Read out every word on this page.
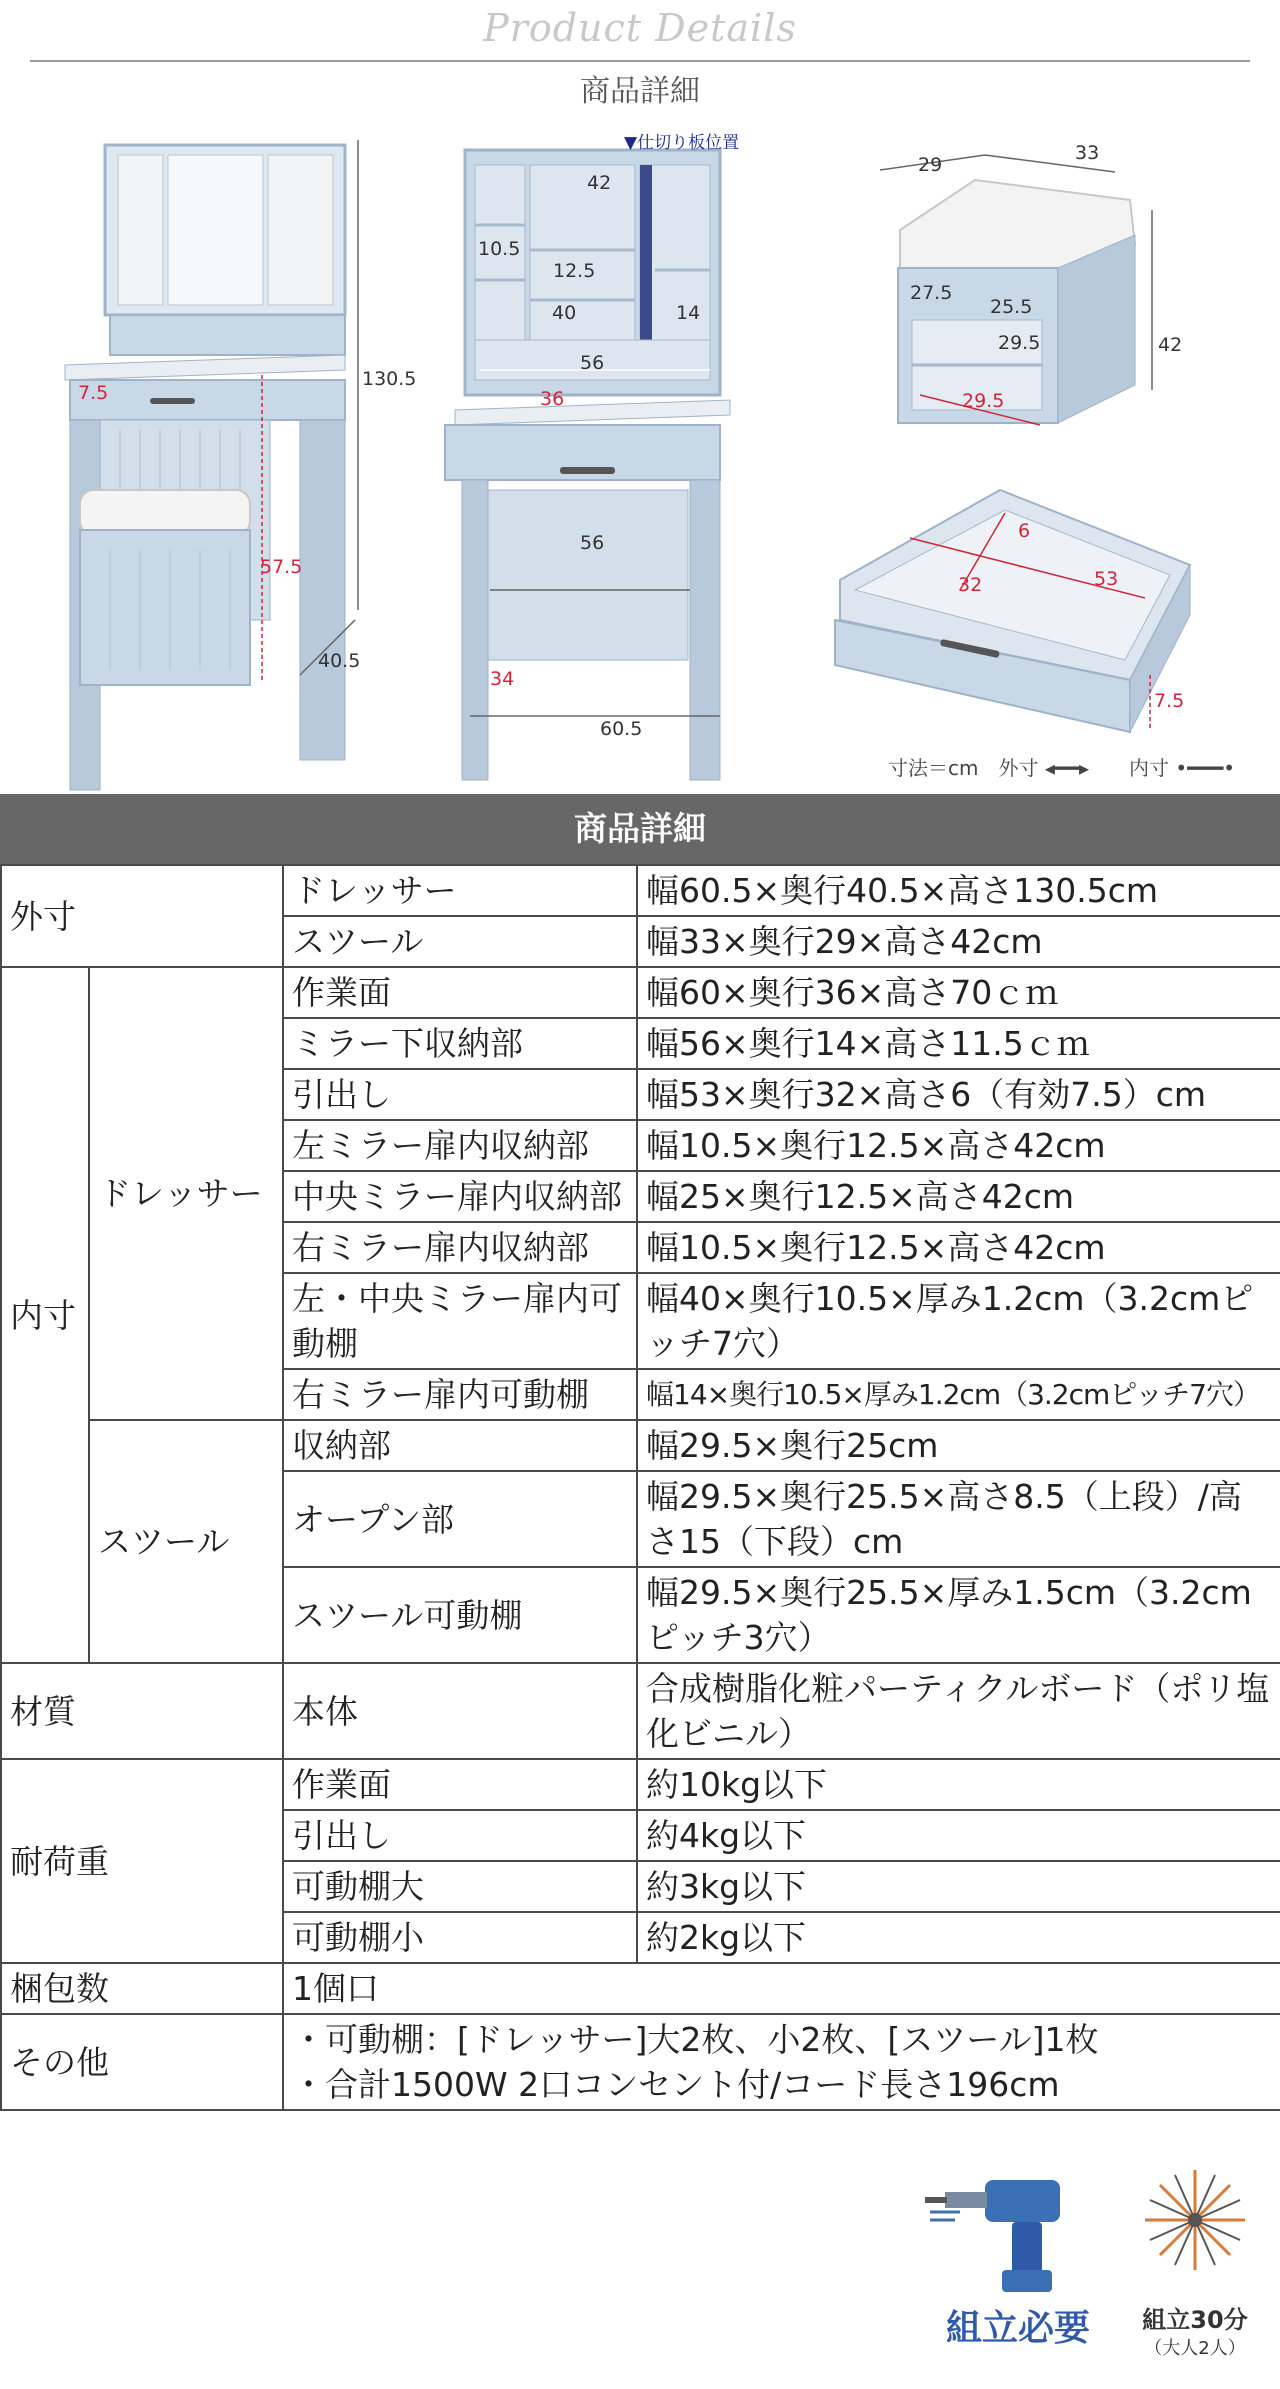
Product Details
商品詳細
▼仕切り板位置
130.5
40.5
7.5
57.5
42
10.5
12.5
40	14
56
36
56
34
60.5
29
33
42
27.5
25.5
29.5
29.5
6
32	53
7.5
寸法＝cm　外寸 ◂━━▸　　内寸 •━━━•
商品詳細
外寸		ドレッサー	幅60.5×奥行40.5×高さ130.5cm
		スツール	幅33×奥行29×高さ42cm
内寸	ドレッサー	作業面	幅60×奥行36×高さ70ｃｍ
		ミラー下収納部	幅56×奥行14×高さ11.5ｃｍ
		引出し	幅53×奥行32×高さ6（有効7.5）cm
		左ミラー扉内収納部	幅10.5×奥行12.5×高さ42cm
		中央ミラー扉内収納部	幅25×奥行12.5×高さ42cm
		右ミラー扉内収納部	幅10.5×奥行12.5×高さ42cm
		左・中央ミラー扉内可動棚	幅40×奥行10.5×厚み1.2cm（3.2cmピッチ7穴）
		右ミラー扉内可動棚	幅14×奥行10.5×厚み1.2cm（3.2cmピッチ7穴）
	スツール	収納部	幅29.5×奥行25cm
		オープン部	幅29.5×奥行25.5×高さ8.5（上段）/高さ15（下段）cm
		スツール可動棚	幅29.5×奥行25.5×厚み1.5cm（3.2cmピッチ3穴）
材質		本体	合成樹脂化粧パーティクルボード（ポリ塩化ビニル）
耐荷重		作業面	約10kg以下
		引出し	約4kg以下
		可動棚大	約3kg以下
		可動棚小	約2kg以下
梱包数		1個口	
その他		・可動棚：[ドレッサー]大2枚、小2枚、[スツール]1枚
・合計1500W 2口コンセント付/コード長さ196cm	
組立必要 組立30分
（大人2人）
